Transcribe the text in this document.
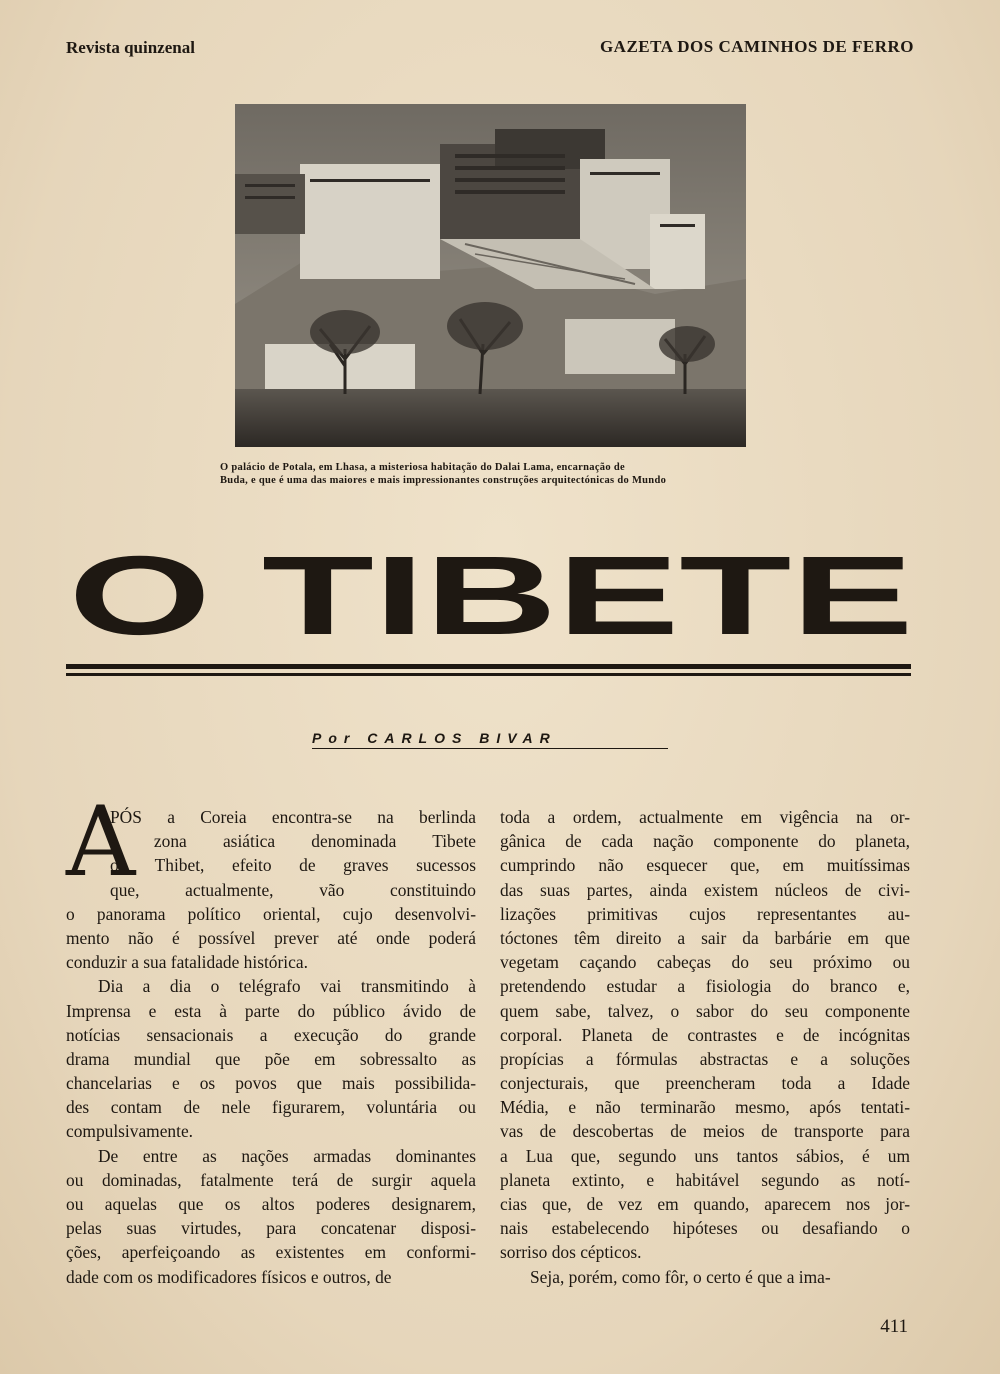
Revista quinzenal	GAZETA DOS CAMINHOS DE FERRO
O palácio de Potala, em Lhasa, a misteriosa habitação do Dalai Lama, encarnação de
Buda, e que é uma das maiores e mais impressionantes construções arquitectónicas do Mundo
O TIBETE
Por CARLOS BIVAR
A
PÓS a Coreia encontra-se na berlinda
a zona asiática denominada Tibete
ou Thibet, efeito de graves sucessos
que, actualmente, vão constituindo
o panorama político oriental, cujo desenvolvi-
mento não é possível prever até onde poderá
conduzir a sua fatalidade histórica.
Dia a dia o telégrafo vai transmitindo à
Imprensa e esta à parte do público ávido de
notícias sensacionais a execução do grande
drama mundial que põe em sobressalto as
chancelarias e os povos que mais possibilida-
des contam de nele figurarem, voluntária ou
compulsivamente.
De entre as nações armadas dominantes
ou dominadas, fatalmente terá de surgir aquela
ou aquelas que os altos poderes designarem,
pelas suas virtudes, para concatenar disposi-
ções, aperfeiçoando as existentes em conformi-
dade com os modificadores físicos e outros, de
toda a ordem, actualmente em vigência na or-
gânica de cada nação componente do planeta,
cumprindo não esquecer que, em muitíssimas
das suas partes, ainda existem núcleos de civi-
lizações primitivas cujos representantes au-
tóctones têm direito a sair da barbárie em que
vegetam caçando cabeças do seu próximo ou
pretendendo estudar a fisiologia do branco e,
quem sabe, talvez, o sabor do seu componente
corporal. Planeta de contrastes e de incógnitas
propícias a fórmulas abstractas e a soluções
conjecturais, que preencheram toda a Idade
Média, e não terminarão mesmo, após tentati-
vas de descobertas de meios de transporte para
a Lua que, segundo uns tantos sábios, é um
planeta extinto, e habitável segundo as notí-
cias que, de vez em quando, aparecem nos jor-
nais estabelecendo hipóteses ou desafiando o
sorriso dos cépticos.
Seja, porém, como fôr, o certo é que a ima-
411
